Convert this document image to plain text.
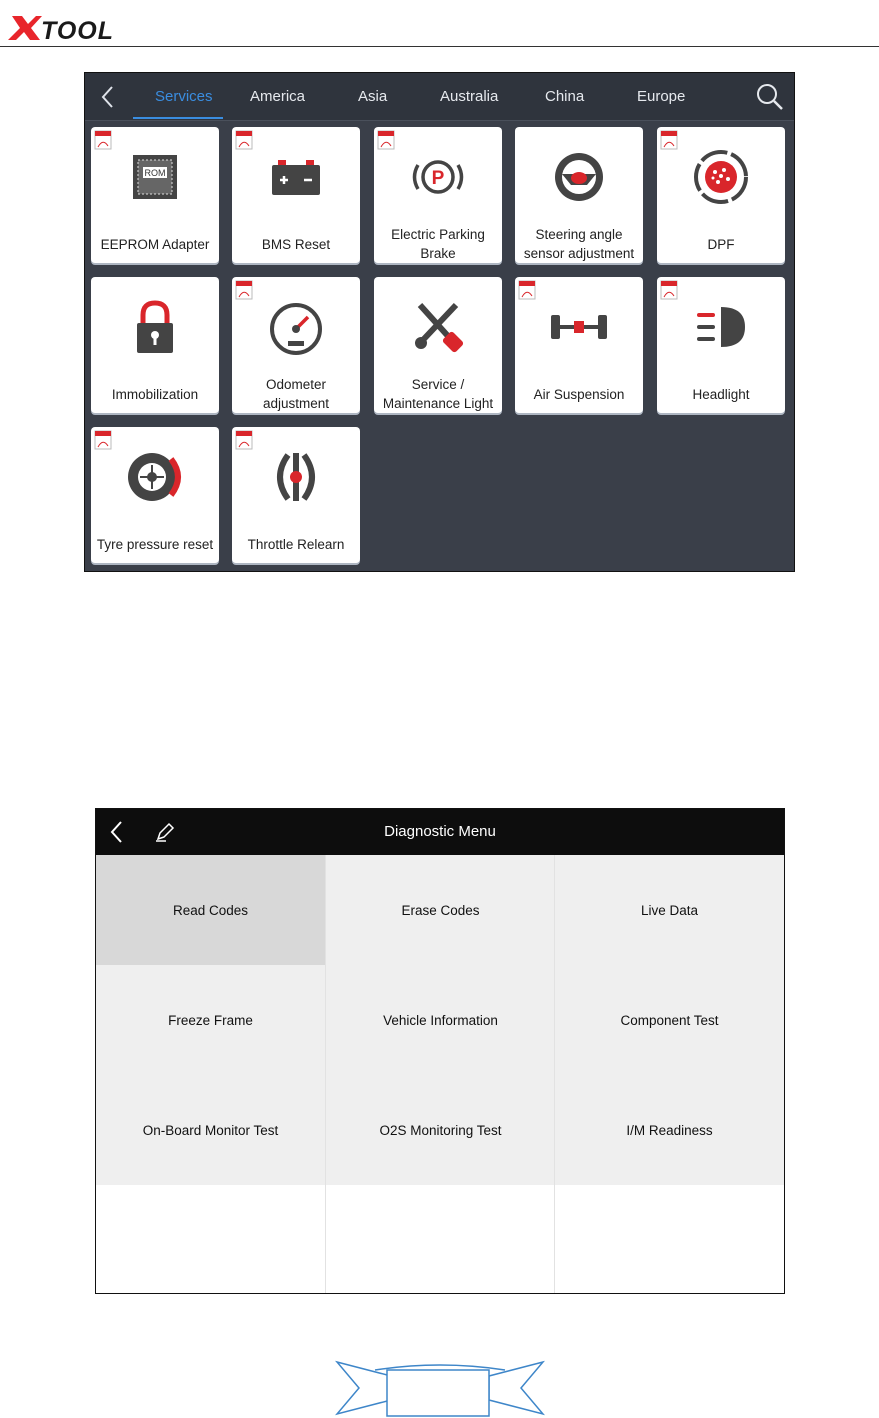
TOOL
Services America	Asia	Australia	China	Europe
ROM
EEPROM Adapter	BMS Reset
P
Electric Parking Brake
Steering angle sensor adjustment
DPF
Immobilization
Odometer adjustment
Service / Maintenance Light
Air Suspension	Headlight
Tyre pressure reset	Throttle Relearn
Diagnostic Menu
Read Codes	Erase Codes	Live Data
Freeze Frame	Vehicle Information	Component Test
On-Board Monitor Test	O2S Monitoring Test	I/M Readiness
